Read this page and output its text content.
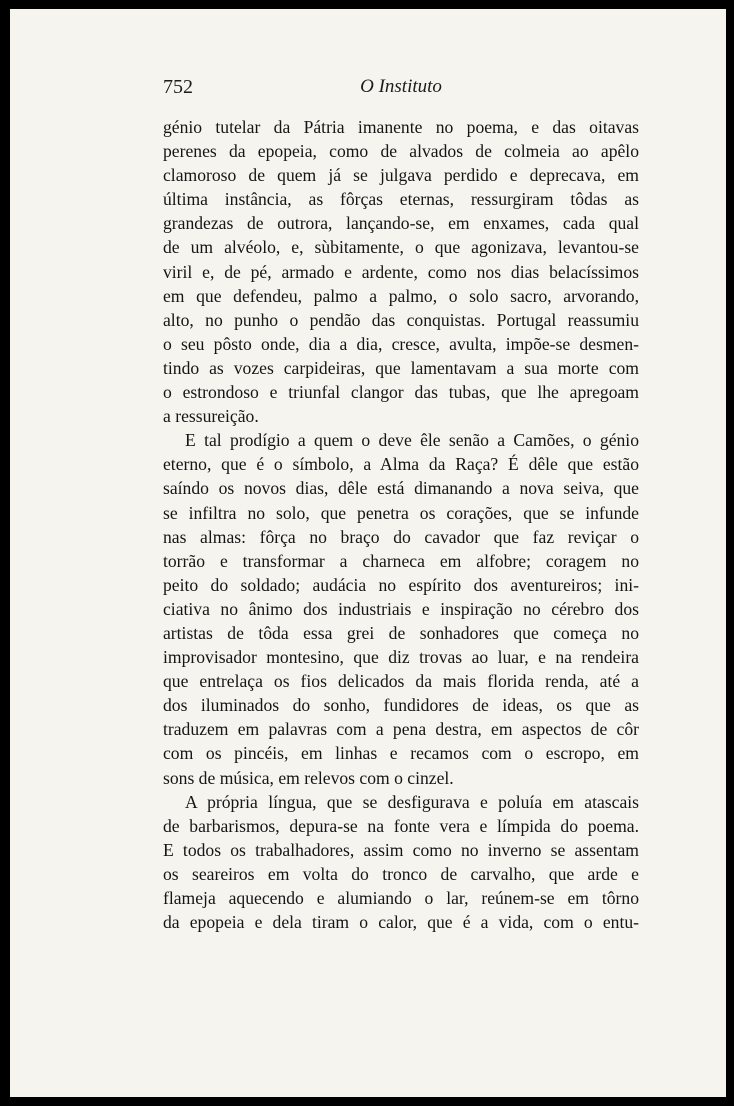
752	O Instituto
génio tutelar da Pátria imanente no poema, e das oitavas
perenes da epopeia, como de alvados de colmeia ao apêlo
clamoroso de quem já se julgava perdido e deprecava, em
última instância, as fôrças eternas, ressurgiram tôdas as
grandezas de outrora, lançando-se, em enxames, cada qual
de um alvéolo, e, sùbitamente, o que agonizava, levantou-se
viril e, de pé, armado e ardente, como nos dias belacíssimos
em que defendeu, palmo a palmo, o solo sacro, arvorando,
alto, no punho o pendão das conquistas. Portugal reassumiu
o seu pôsto onde, dia a dia, cresce, avulta, impõe-se desmen-
tindo as vozes carpideiras, que lamentavam a sua morte com
o estrondoso e triunfal clangor das tubas, que lhe apregoam
a ressureição.
E tal prodígio a quem o deve êle senão a Camões, o génio
eterno, que é o símbolo, a Alma da Raça? É dêle que estão
saíndo os novos dias, dêle está dimanando a nova seiva, que
se infiltra no solo, que penetra os corações, que se infunde
nas almas: fôrça no braço do cavador que faz reviçar o
torrão e transformar a charneca em alfobre; coragem no
peito do soldado; audácia no espírito dos aventureiros; ini-
ciativa no ânimo dos industriais e inspiração no cérebro dos
artistas de tôda essa grei de sonhadores que começa no
improvisador montesino, que diz trovas ao luar, e na rendeira
que entrelaça os fios delicados da mais florida renda, até a
dos iluminados do sonho, fundidores de ideas, os que as
traduzem em palavras com a pena destra, em aspectos de côr
com os pincéis, em linhas e recamos com o escropo, em
sons de música, em relevos com o cinzel.
A própria língua, que se desfigurava e poluía em atascais
de barbarismos, depura-se na fonte vera e límpida do poema.
E todos os trabalhadores, assim como no inverno se assentam
os seareiros em volta do tronco de carvalho, que arde e
flameja aquecendo e alumiando o lar, reúnem-se em tôrno
da epopeia e dela tiram o calor, que é a vida, com o entu-
